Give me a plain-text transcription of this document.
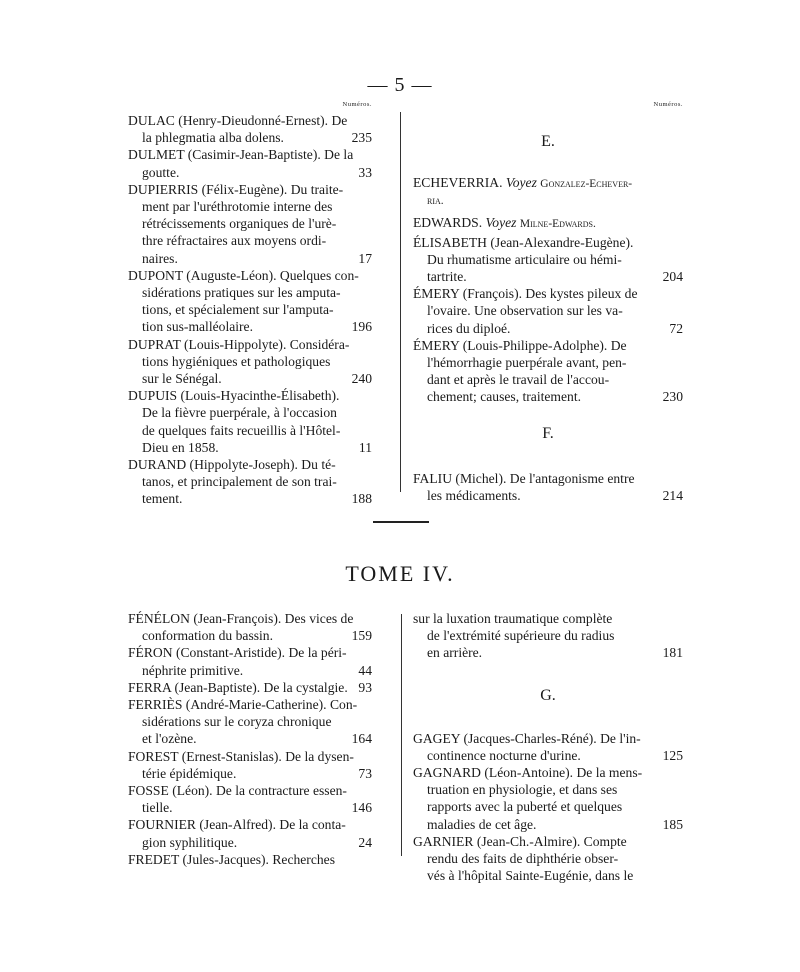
— 5 —
Numéros.
DULAC (Henry-Dieudonné-Ernest). De
235
la phlegmatia alba dolens.
DULMET (Casimir-Jean-Baptiste). De la
33
goutte.
DUPIERRIS (Félix-Eugène). Du traite-
ment par l'uréthrotomie interne des
rétrécissements organiques de l'urè-
thre réfractaires aux moyens ordi-
17
naires.
DUPONT (Auguste-Léon). Quelques con-
sidérations pratiques sur les amputa-
tions, et spécialement sur l'amputa-
196
tion sus-malléolaire.
DUPRAT (Louis-Hippolyte). Considéra-
tions hygiéniques et pathologiques
240
sur le Sénégal.
DUPUIS (Louis-Hyacinthe-Élisabeth).
De la fièvre puerpérale, à l'occasion
de quelques faits recueillis à l'Hôtel-
11
Dieu en 1858.
DURAND (Hippolyte-Joseph). Du té-
tanos, et principalement de son trai-
188
tement.
Numéros.
E.
ECHEVERRIA. Voyez Gonzalez-Echever-
ria.
EDWARDS. Voyez Milne-Edwards.
ÉLISABETH (Jean-Alexandre-Eugène).
Du rhumatisme articulaire ou hémi-
204
tartrite.
ÉMERY (François). Des kystes pileux de
l'ovaire. Une observation sur les va-
72
rices du diploé.
ÉMERY (Louis-Philippe-Adolphe). De
l'hémorrhagie puerpérale avant, pen-
dant et après le travail de l'accou-
230
chement; causes, traitement.
F.
FALIU (Michel). De l'antagonisme entre
214
les médicaments.
TOME IV.
FÉNÉLON (Jean-François). Des vices de
159
conformation du bassin.
FÉRON (Constant-Aristide). De la péri-
44
néphrite primitive.
93
FERRA (Jean-Baptiste). De la cystalgie.
FERRIÈS (André-Marie-Catherine). Con-
sidérations sur le coryza chronique
164
et l'ozène.
FOREST (Ernest-Stanislas). De la dysen-
73
térie épidémique.
FOSSE (Léon). De la contracture essen-
146
tielle.
FOURNIER (Jean-Alfred). De la conta-
24
gion syphilitique.
FREDET (Jules-Jacques). Recherches
sur la luxation traumatique complète
de l'extrémité supérieure du radius
181
en arrière.
G.
GAGEY (Jacques-Charles-Réné). De l'in-
125
continence nocturne d'urine.
GAGNARD (Léon-Antoine). De la mens-
truation en physiologie, et dans ses
rapports avec la puberté et quelques
185
maladies de cet âge.
GARNIER (Jean-Ch.-Almire). Compte
rendu des faits de diphthérie obser-
vés à l'hôpital Sainte-Eugénie, dans le
